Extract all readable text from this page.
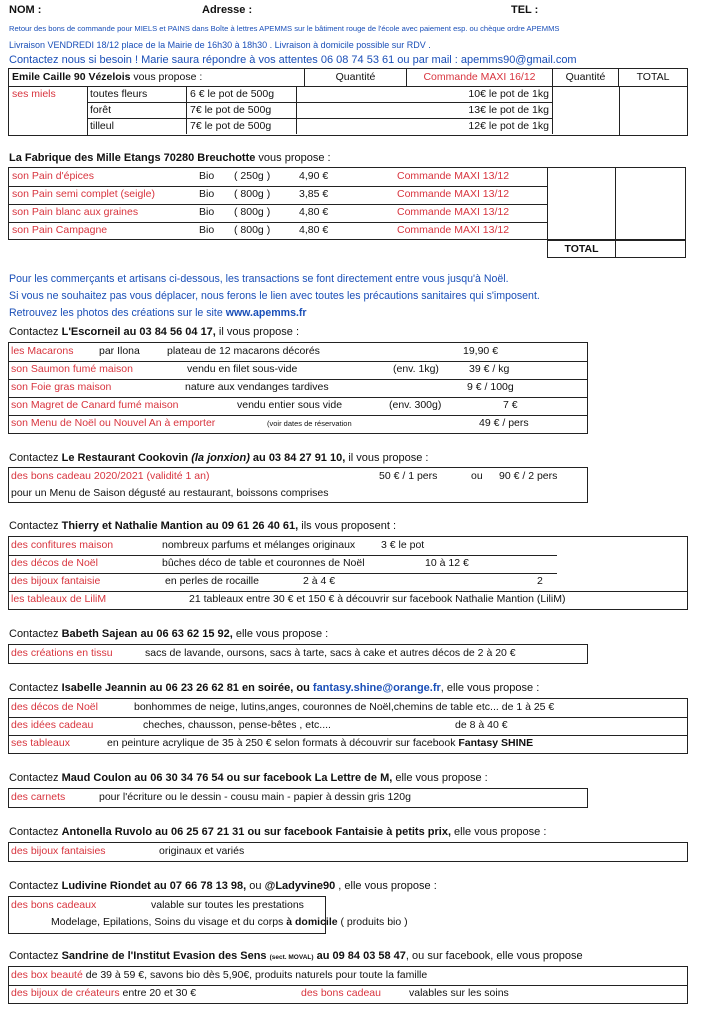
NOM :	Adresse :	TEL :
Retour des bons de commande pour MIELS et PAINS dans Boîte à lettres APEMMS sur le bâtiment rouge de l'école avec paiement esp. ou chèque ordre APEMMS
Livraison VENDREDI 18/12 place de la Mairie de 16h30 à 18h30 . Livraison à domicile possible sur RDV .
Contactez nous si besoin ! Marie saura répondre à vos attentes 06 08 74 53 61 ou par mail : apemms90@gmail.com
Emile Caille 90 Vézelois vous propose :	Quantité	Commande MAXI 16/12	Quantité	TOTAL
ses miels	toutes fleurs	6 € le pot de 500g	10€ le pot de 1kg
forêt	7€ le pot de 500g	13€ le pot de 1kg
tilleul	7€ le pot de 500g	12€ le pot de 1kg
La Fabrique des Mille Etangs 70280 Breuchotte vous propose :
son Pain d'épices	Bio ( 250g )	4,90 €	Commande MAXI 13/12
son Pain semi complet (seigle)	Bio ( 800g )	3,85 €	Commande MAXI 13/12
son Pain blanc aux graines	Bio ( 800g )	4,80 €	Commande MAXI 13/12
son Pain Campagne	Bio ( 800g )	4,80 €	Commande MAXI 13/12
TOTAL
Pour les commerçants et artisans ci-dessous, les transactions se font directement entre vous jusqu'à Noël.
Si vous ne souhaitez pas vous déplacer, nous ferons le lien avec toutes les précautions sanitaires qui s'imposent.
Retrouvez les photos des créations sur le site www.apemms.fr
Contactez L'Escorneil au 03 84 56 04 17, il vous propose :
les Macarons par Ilona	plateau de 12 macarons décorés	19,90 €
son Saumon fumé maison	vendu en filet sous-vide	(env. 1kg)	39 € / kg
son Foie gras maison	nature aux vendanges tardives	9 € / 100g
son Magret de Canard fumé maison	vendu entier sous vide	(env. 300g)	7 €
son Menu de Noël ou Nouvel An à emporter	(voir dates de réservation	49 € / pers
Contactez Le Restaurant Cookovin (la jonxion) au 03 84 27 91 10, il vous propose :
des bons cadeau 2020/2021 (validité 1 an)	50 € / 1 pers	ou 90 € / 2 pers
pour un Menu de Saison dégusté au restaurant, boissons comprises
Contactez Thierry et Nathalie Mantion au 09 61 26 40 61, ils vous proposent :
des confitures maison	nombreux parfums et mélanges originaux 3 € le pot
des décos de Noël	bûches déco de table et couronnes de Noël	10 à 12 €
des bijoux fantaisie	en perles de rocaille	2 à 4 €	2
les tableaux de LiliM	21 tableaux entre 30 € et 150 € à découvrir sur facebook Nathalie Mantion (LiliM)
Contactez Babeth Sajean au 06 63 62 15 92, elle vous propose :
des créations en tissu	sacs de lavande, oursons, sacs à tarte, sacs à cake et autres décos de 2 à 20 €
Contactez Isabelle Jeannin au 06 23 26 62 81 en soirée, ou fantasy.shine@orange.fr, elle vous propose :
des décos de Noël	bonhommes de neige, lutins,anges, couronnes de Noël,chemins de table etc... de 1 à 25 €
des idées cadeau	cheches, chausson, pense-bêtes , etc....	de 8 à 40 €
ses tableaux	en peinture acrylique de 35 à 250 € selon formats à découvrir sur facebook Fantasy SHINE
Contactez Maud Coulon au 06 30 34 76 54 ou sur facebook La Lettre de M, elle vous propose :
des carnets	pour l'écriture ou le dessin - cousu main - papier à dessin gris 120g
Contactez Antonella Ruvolo au 06 25 67 21 31 ou sur facebook Fantaisie à petits prix, elle vous propose :
des bijoux fantaisies	originaux et variés
Contactez Ludivine Riondet au 07 66 78 13 98, ou @Ladyvine90 , elle vous propose :
des bons cadeaux	valable sur toutes les prestations
Modelage, Epilations, Soins du visage et du corps à domicile ( produits bio )
Contactez Sandrine de l'Institut Evasion des Sens (sect. MOVAL) au 09 84 03 58 47, ou sur facebook, elle vous propose
des box beauté de 39 à 59 €, savons bio dès 5,90€, produits naturels pour toute la famille
des bijoux de créateurs entre 20 et 30 €	des bons cadeau	valables sur les soins
